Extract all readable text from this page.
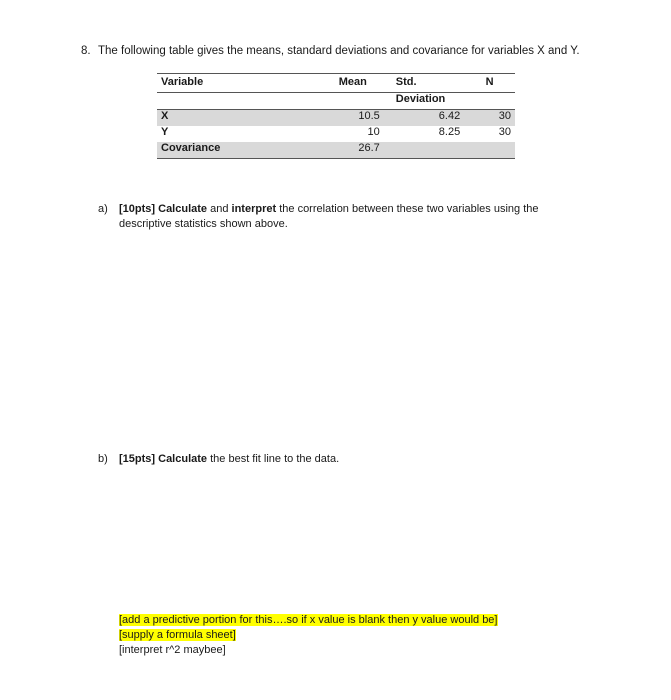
8. The following table gives the means, standard deviations and covariance for variables X and Y.
Variable	Mean	Std.	N
		Deviation	
X	10.5	6.42	30
Y	10	8.25	30
Covariance	26.7		
a) [10pts] Calculate and interpret the correlation between these two variables using the descriptive statistics shown above.
b) [15pts] Calculate the best fit line to the data.
[add a predictive portion for this….so if x value is blank then y value would be]
[supply a formula sheet]
[interpret r^2 maybee]
